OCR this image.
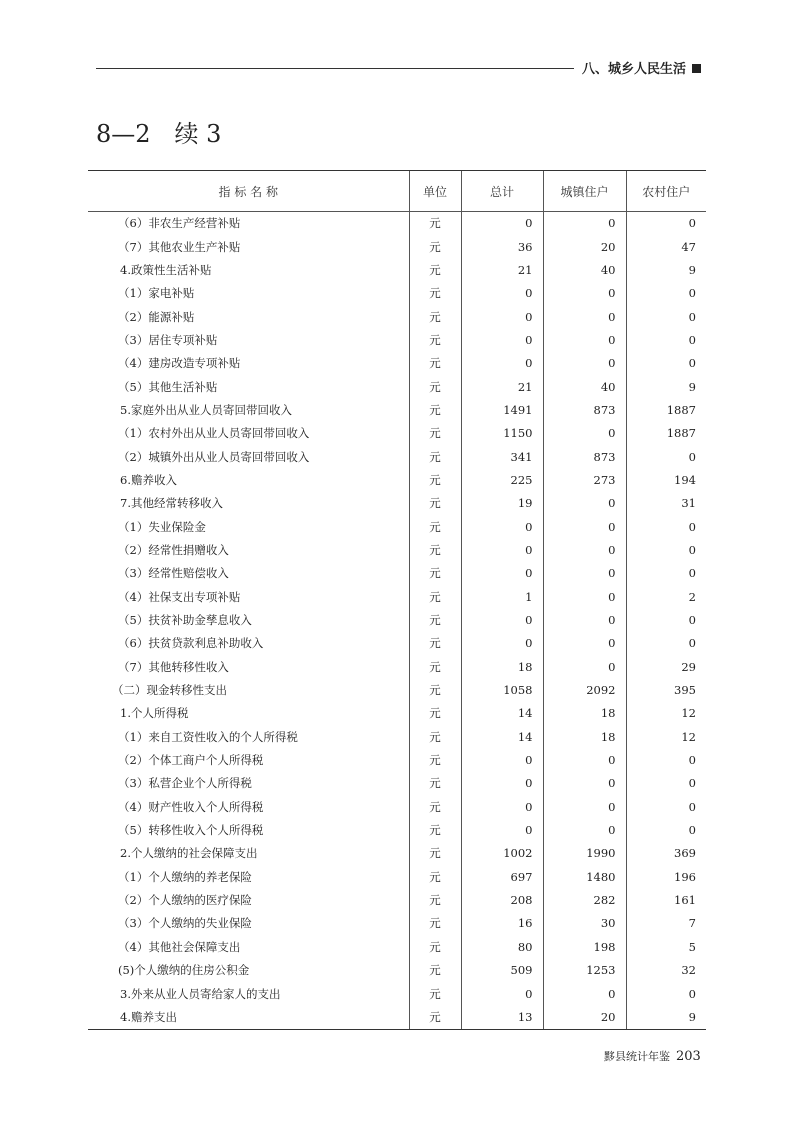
八、城乡人民生活
8—2　续 3
指 标 名 称	单位	总计	城镇住户	农村住户
（6）非农生产经营补贴	元	0	0	0
（7）其他农业生产补贴	元	36	20	47
4.政策性生活补贴	元	21	40	9
（1）家电补贴	元	0	0	0
（2）能源补贴	元	0	0	0
（3）居住专项补贴	元	0	0	0
（4）建房改造专项补贴	元	0	0	0
（5）其他生活补贴	元	21	40	9
5.家庭外出从业人员寄回带回收入	元	1491	873	1887
（1）农村外出从业人员寄回带回收入	元	1150	0	1887
（2）城镇外出从业人员寄回带回收入	元	341	873	0
6.赡养收入	元	225	273	194
7.其他经常转移收入	元	19	0	31
（1）失业保险金	元	0	0	0
（2）经常性捐赠收入	元	0	0	0
（3）经常性赔偿收入	元	0	0	0
（4）社保支出专项补贴	元	1	0	2
（5）扶贫补助金孳息收入	元	0	0	0
（6）扶贫贷款利息补助收入	元	0	0	0
（7）其他转移性收入	元	18	0	29
（二）现金转移性支出	元	1058	2092	395
1.个人所得税	元	14	18	12
（1）来自工资性收入的个人所得税	元	14	18	12
（2）个体工商户个人所得税	元	0	0	0
（3）私营企业个人所得税	元	0	0	0
（4）财产性收入个人所得税	元	0	0	0
（5）转移性收入个人所得税	元	0	0	0
2.个人缴纳的社会保障支出	元	1002	1990	369
（1）个人缴纳的养老保险	元	697	1480	196
（2）个人缴纳的医疗保险	元	208	282	161
（3）个人缴纳的失业保险	元	16	30	7
（4）其他社会保障支出	元	80	198	5
(5)个人缴纳的住房公积金	元	509	1253	32
3.外来从业人员寄给家人的支出	元	0	0	0
4.赡养支出	元	13	20	9
黟县统计年鉴 203
